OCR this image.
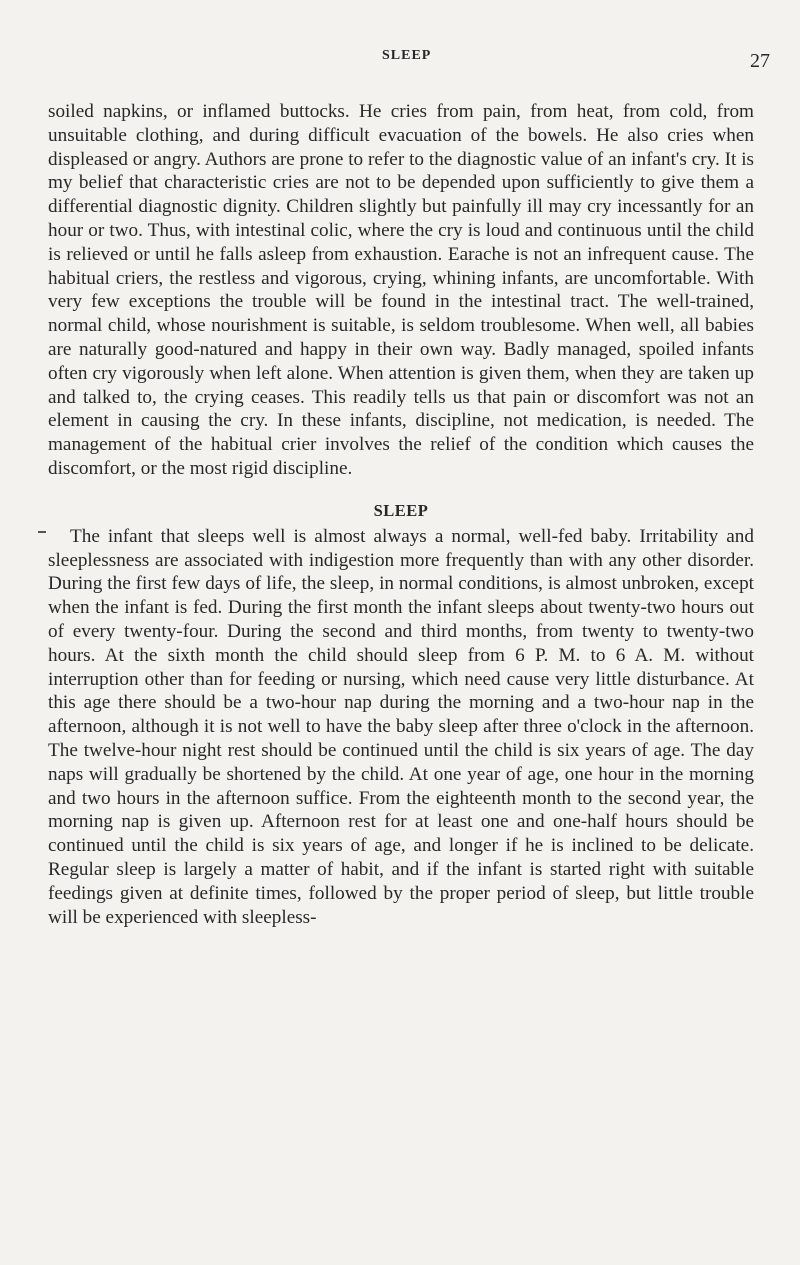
SLEEP	27

soiled napkins, or inflamed buttocks. He cries from pain, from heat, from cold, from unsuitable clothing, and during difficult evacuation of the bowels. He also cries when displeased or angry. Authors are prone to refer to the diagnostic value of an infant's cry. It is my belief that characteristic cries are not to be depended upon sufficiently to give them a differential diagnostic dignity. Children slightly but painfully ill may cry incessantly for an hour or two. Thus, with intestinal colic, where the cry is loud and continuous until the child is relieved or until he falls asleep from exhaustion. Earache is not an infrequent cause. The habitual criers, the restless and vigorous, crying, whining infants, are uncomfortable. With very few exceptions the trouble will be found in the intestinal tract. The well-trained, normal child, whose nourishment is suitable, is seldom troublesome. When well, all babies are naturally good-natured and happy in their own way. Badly managed, spoiled infants often cry vigorously when left alone. When attention is given them, when they are taken up and talked to, the crying ceases. This readily tells us that pain or discomfort was not an element in causing the cry. In these infants, discipline, not medication, is needed. The management of the habitual crier involves the relief of the condition which causes the discomfort, or the most rigid discipline.

SLEEP

The infant that sleeps well is almost always a normal, well-fed baby. Irritability and sleeplessness are associated with indigestion more frequently than with any other disorder. During the first few days of life, the sleep, in normal conditions, is almost unbroken, except when the infant is fed. During the first month the infant sleeps about twenty-two hours out of every twenty-four. During the second and third months, from twenty to twenty-two hours. At the sixth month the child should sleep from 6 P. M. to 6 A. M. without interruption other than for feeding or nursing, which need cause very little disturbance. At this age there should be a two-hour nap during the morning and a two-hour nap in the afternoon, although it is not well to have the baby sleep after three o'clock in the afternoon. The twelve-hour night rest should be continued until the child is six years of age. The day naps will gradually be shortened by the child. At one year of age, one hour in the morning and two hours in the afternoon suffice. From the eighteenth month to the second year, the morning nap is given up. Afternoon rest for at least one and one-half hours should be continued until the child is six years of age, and longer if he is inclined to be delicate. Regular sleep is largely a matter of habit, and if the infant is started right with suitable feedings given at definite times, followed by the proper period of sleep, but little trouble will be experienced with sleepless-
